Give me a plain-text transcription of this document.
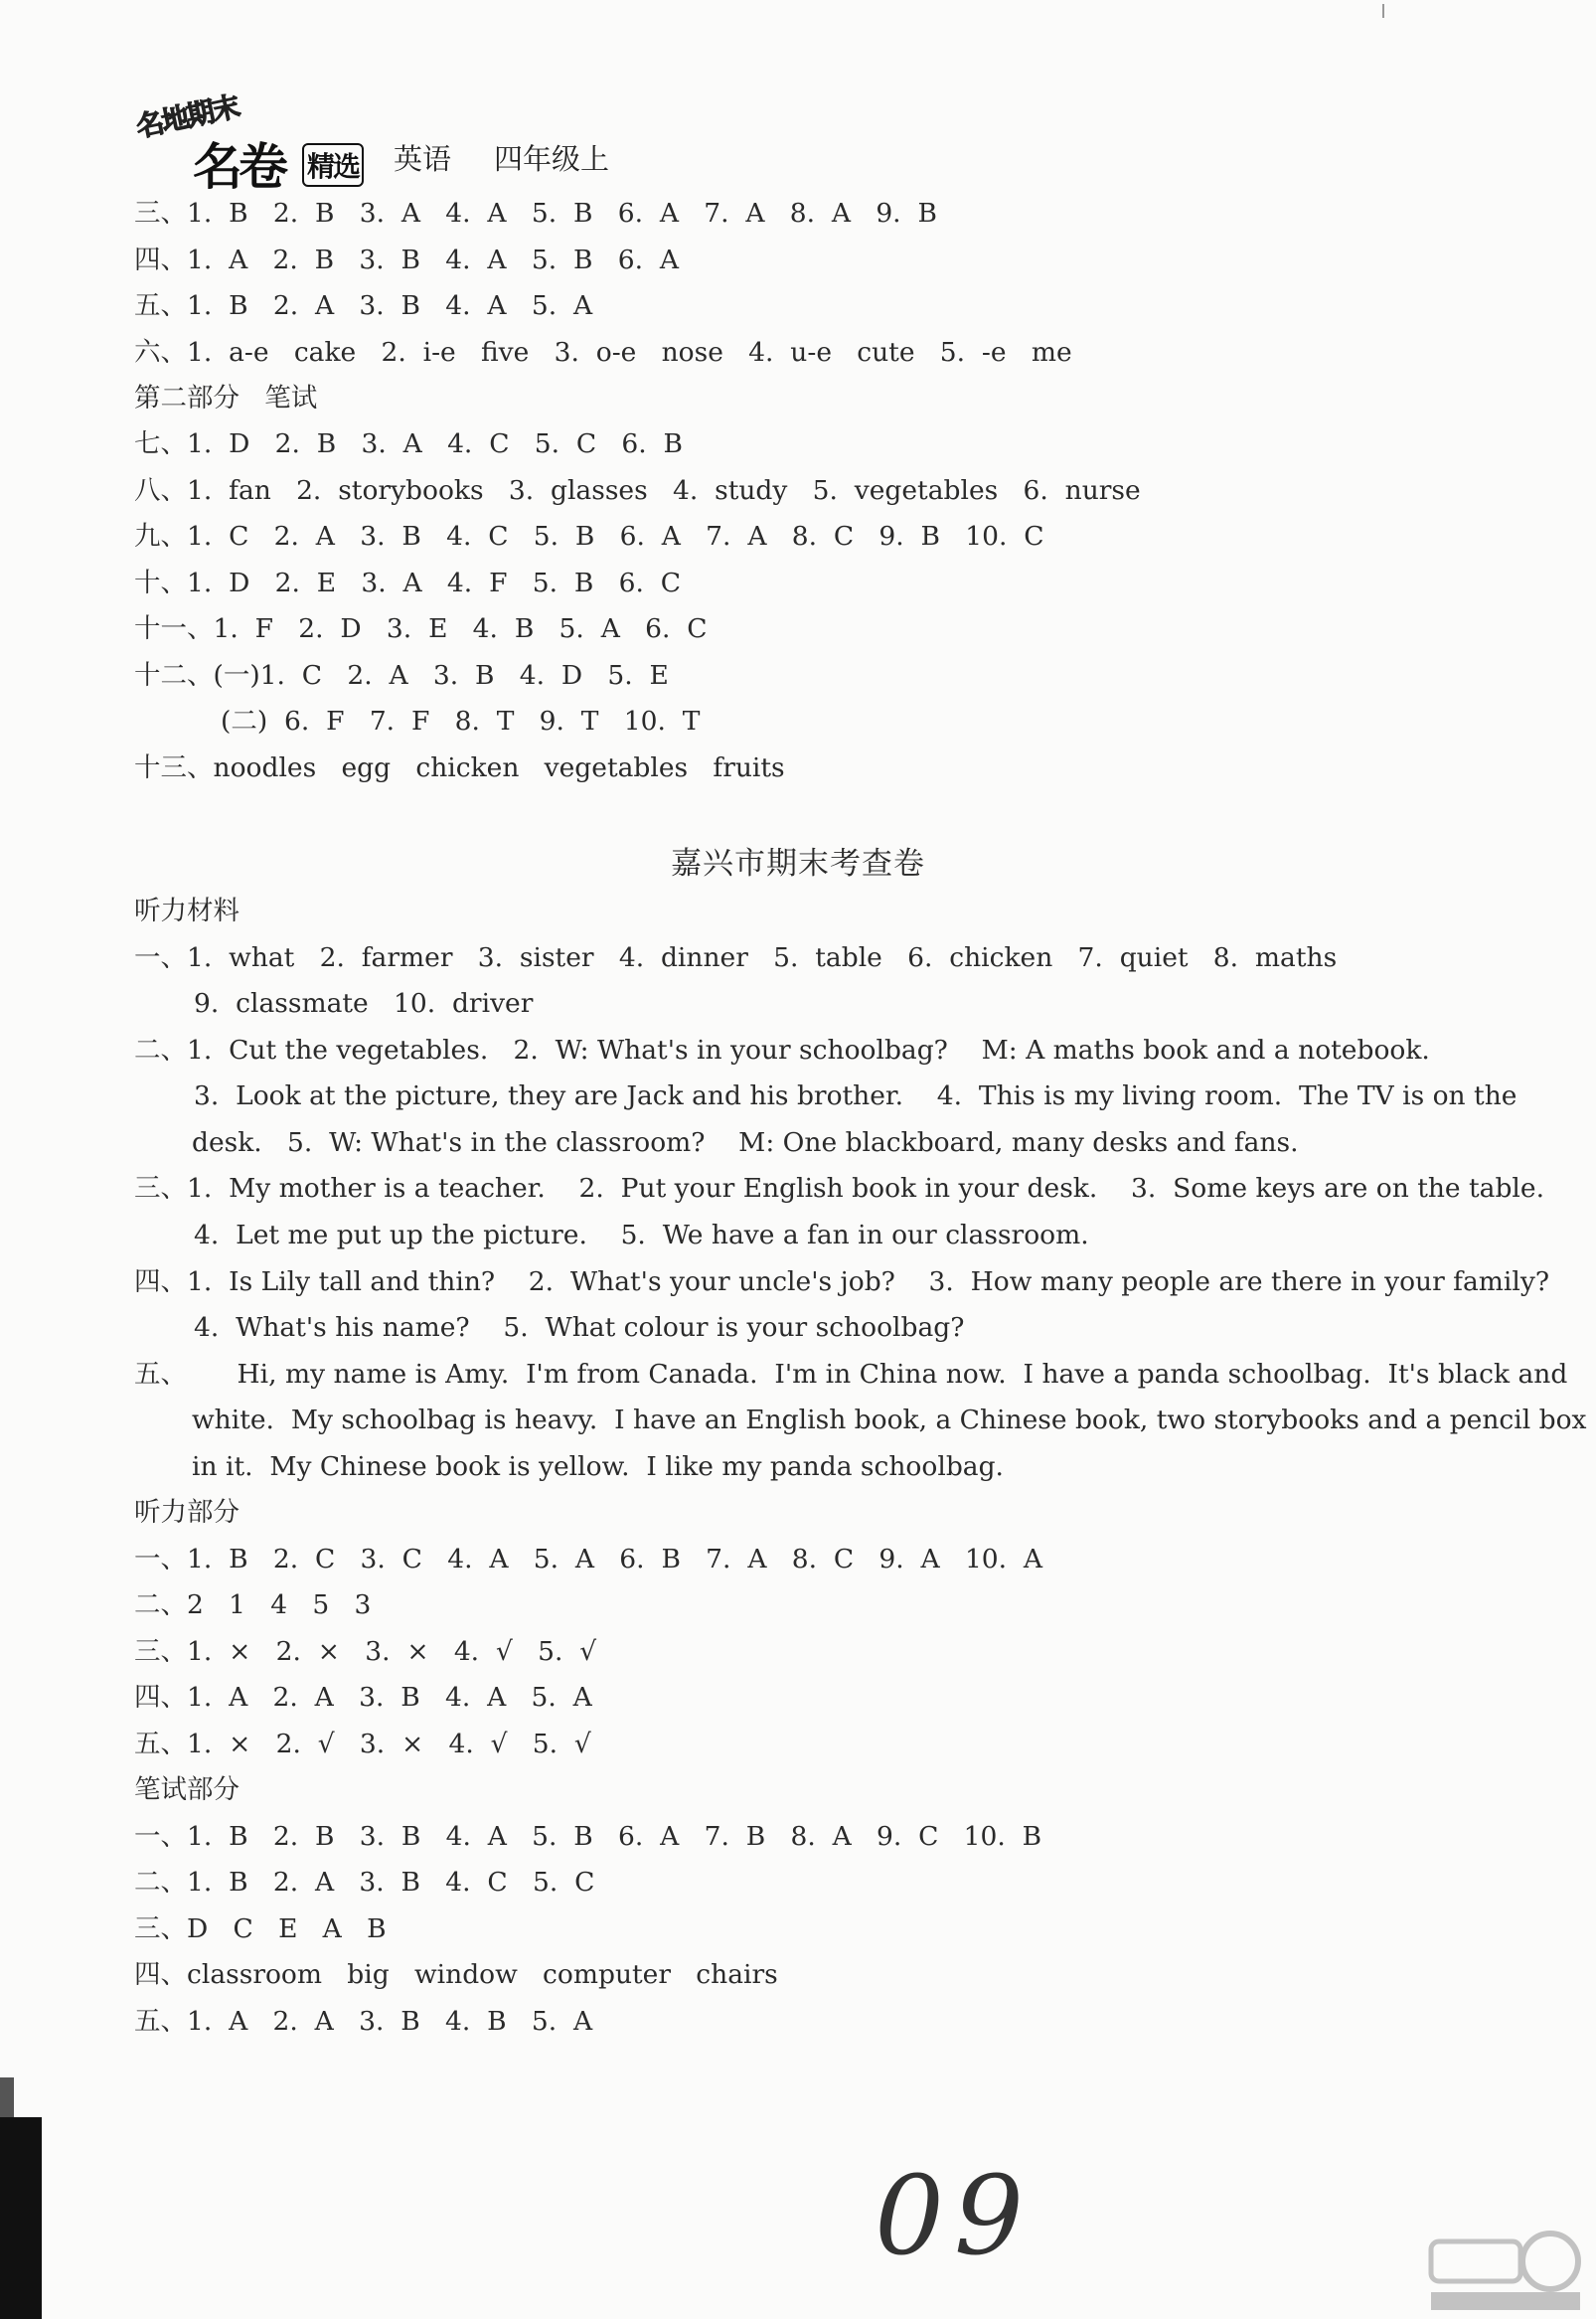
名地期末
名卷 精选 英语 四年级上
嘉兴市期末考查卷
三、1.  B   2.  B   3.  A   4.  A   5.  B   6.  A   7.  A   8.  A   9.  B
四、1.  A   2.  B   3.  B   4.  A   5.  B   6.  A
五、1.  B   2.  A   3.  B   4.  A   5.  A
六、1.  a-e   cake   2.  i-e   five   3.  o-e   nose   4.  u-e   cute   5.  -e   me
第二部分   笔试
七、1.  D   2.  B   3.  A   4.  C   5.  C   6.  B
八、1.  fan   2.  storybooks   3.  glasses   4.  study   5.  vegetables   6.  nurse
九、1.  C   2.  A   3.  B   4.  C   5.  B   6.  A   7.  A   8.  C   9.  B   10.  C
十、1.  D   2.  E   3.  A   4.  F   5.  B   6.  C
十一、1.  F   2.  D   3.  E   4.  B   5.  A   6.  C
十二、(一)1.  C   2.  A   3.  B   4.  D   5.  E
(二)  6.  F   7.  F   8.  T   9.  T   10.  T
十三、noodles   egg   chicken   vegetables   fruits
听力材料
一、1.  what   2.  farmer   3.  sister   4.  dinner   5.  table   6.  chicken   7.  quiet   8.  maths
9.  classmate   10.  driver
二、1.  Cut the vegetables.   2.  W: What's in your schoolbag?    M: A maths book and a notebook.
3.  Look at the picture, they are Jack and his brother.    4.  This is my living room.  The TV is on the
desk.   5.  W: What's in the classroom?    M: One blackboard, many desks and fans.
三、1.  My mother is a teacher.    2.  Put your English book in your desk.    3.  Some keys are on the table.
4.  Let me put up the picture.    5.  We have a fan in our classroom.
四、1.  Is Lily tall and thin?    2.  What's your uncle's job?    3.  How many people are there in your family?
4.  What's his name?    5.  What colour is your schoolbag?
五、      Hi, my name is Amy.  I'm from Canada.  I'm in China now.  I have a panda schoolbag.  It's black and
white.  My schoolbag is heavy.  I have an English book, a Chinese book, two storybooks and a pencil box
in it.  My Chinese book is yellow.  I like my panda schoolbag.
听力部分
一、1.  B   2.  C   3.  C   4.  A   5.  A   6.  B   7.  A   8.  C   9.  A   10.  A
二、2   1   4   5   3
三、1.  ×   2.  ×   3.  ×   4.  √   5.  √
四、1.  A   2.  A   3.  B   4.  A   5.  A
五、1.  ×   2.  √   3.  ×   4.  √   5.  √
笔试部分
一、1.  B   2.  B   3.  B   4.  A   5.  B   6.  A   7.  B   8.  A   9.  C   10.  B
二、1.  B   2.  A   3.  B   4.  C   5.  C
三、D   C   E   A   B
四、classroom   big   window   computer   chairs
五、1.  A   2.  A   3.  B   4.  B   5.  A
09
